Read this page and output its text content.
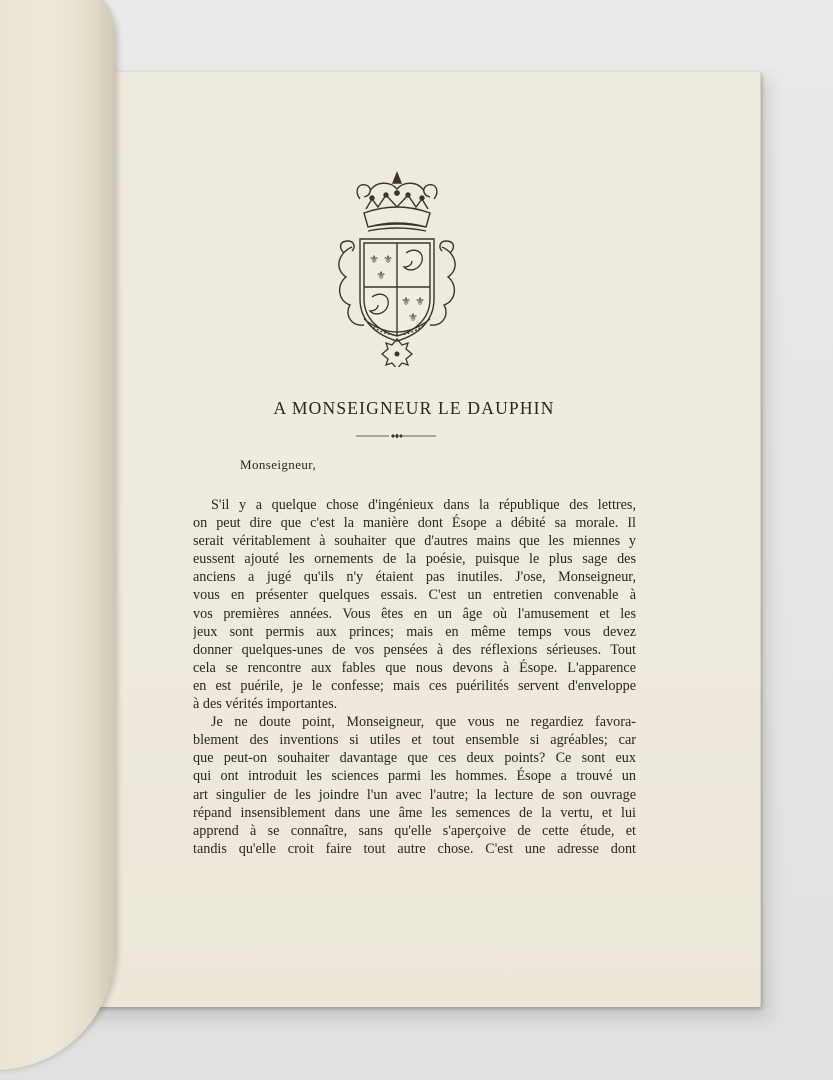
⚜ ⚜
⚜
⚜ ⚜
⚜
A MONSEIGNEUR LE DAUPHIN
Monseigneur,
S'il y a quelque chose d'ingénieux dans la république des lettres,
on peut dire que c'est la manière dont Ésope a débité sa morale. Il
serait véritablement à souhaiter que d'autres mains que les miennes y
eussent ajouté les ornements de la poésie, puisque le plus sage des
anciens a jugé qu'ils n'y étaient pas inutiles. J'ose, Monseigneur,
vous en présenter quelques essais. C'est un entretien convenable à
vos premières années. Vous êtes en un âge où l'amusement et les
jeux sont permis aux princes; mais en même temps vous devez
donner quelques-unes de vos pensées à des réflexions sérieuses. Tout
cela se rencontre aux fables que nous devons à Ésope. L'apparence
en est puérile, je le confesse; mais ces puérilités servent d'enveloppe
à des vérités importantes.
Je ne doute point, Monseigneur, que vous ne regardiez favora-
blement des inventions si utiles et tout ensemble si agréables; car
que peut-on souhaiter davantage que ces deux points? Ce sont eux
qui ont introduit les sciences parmi les hommes. Ésope a trouvé un
art singulier de les joindre l'un avec l'autre; la lecture de son ouvrage
répand insensiblement dans une âme les semences de la vertu, et lui
apprend à se connaître, sans qu'elle s'aperçoive de cette étude, et
tandis qu'elle croit faire tout autre chose. C'est une adresse dont
